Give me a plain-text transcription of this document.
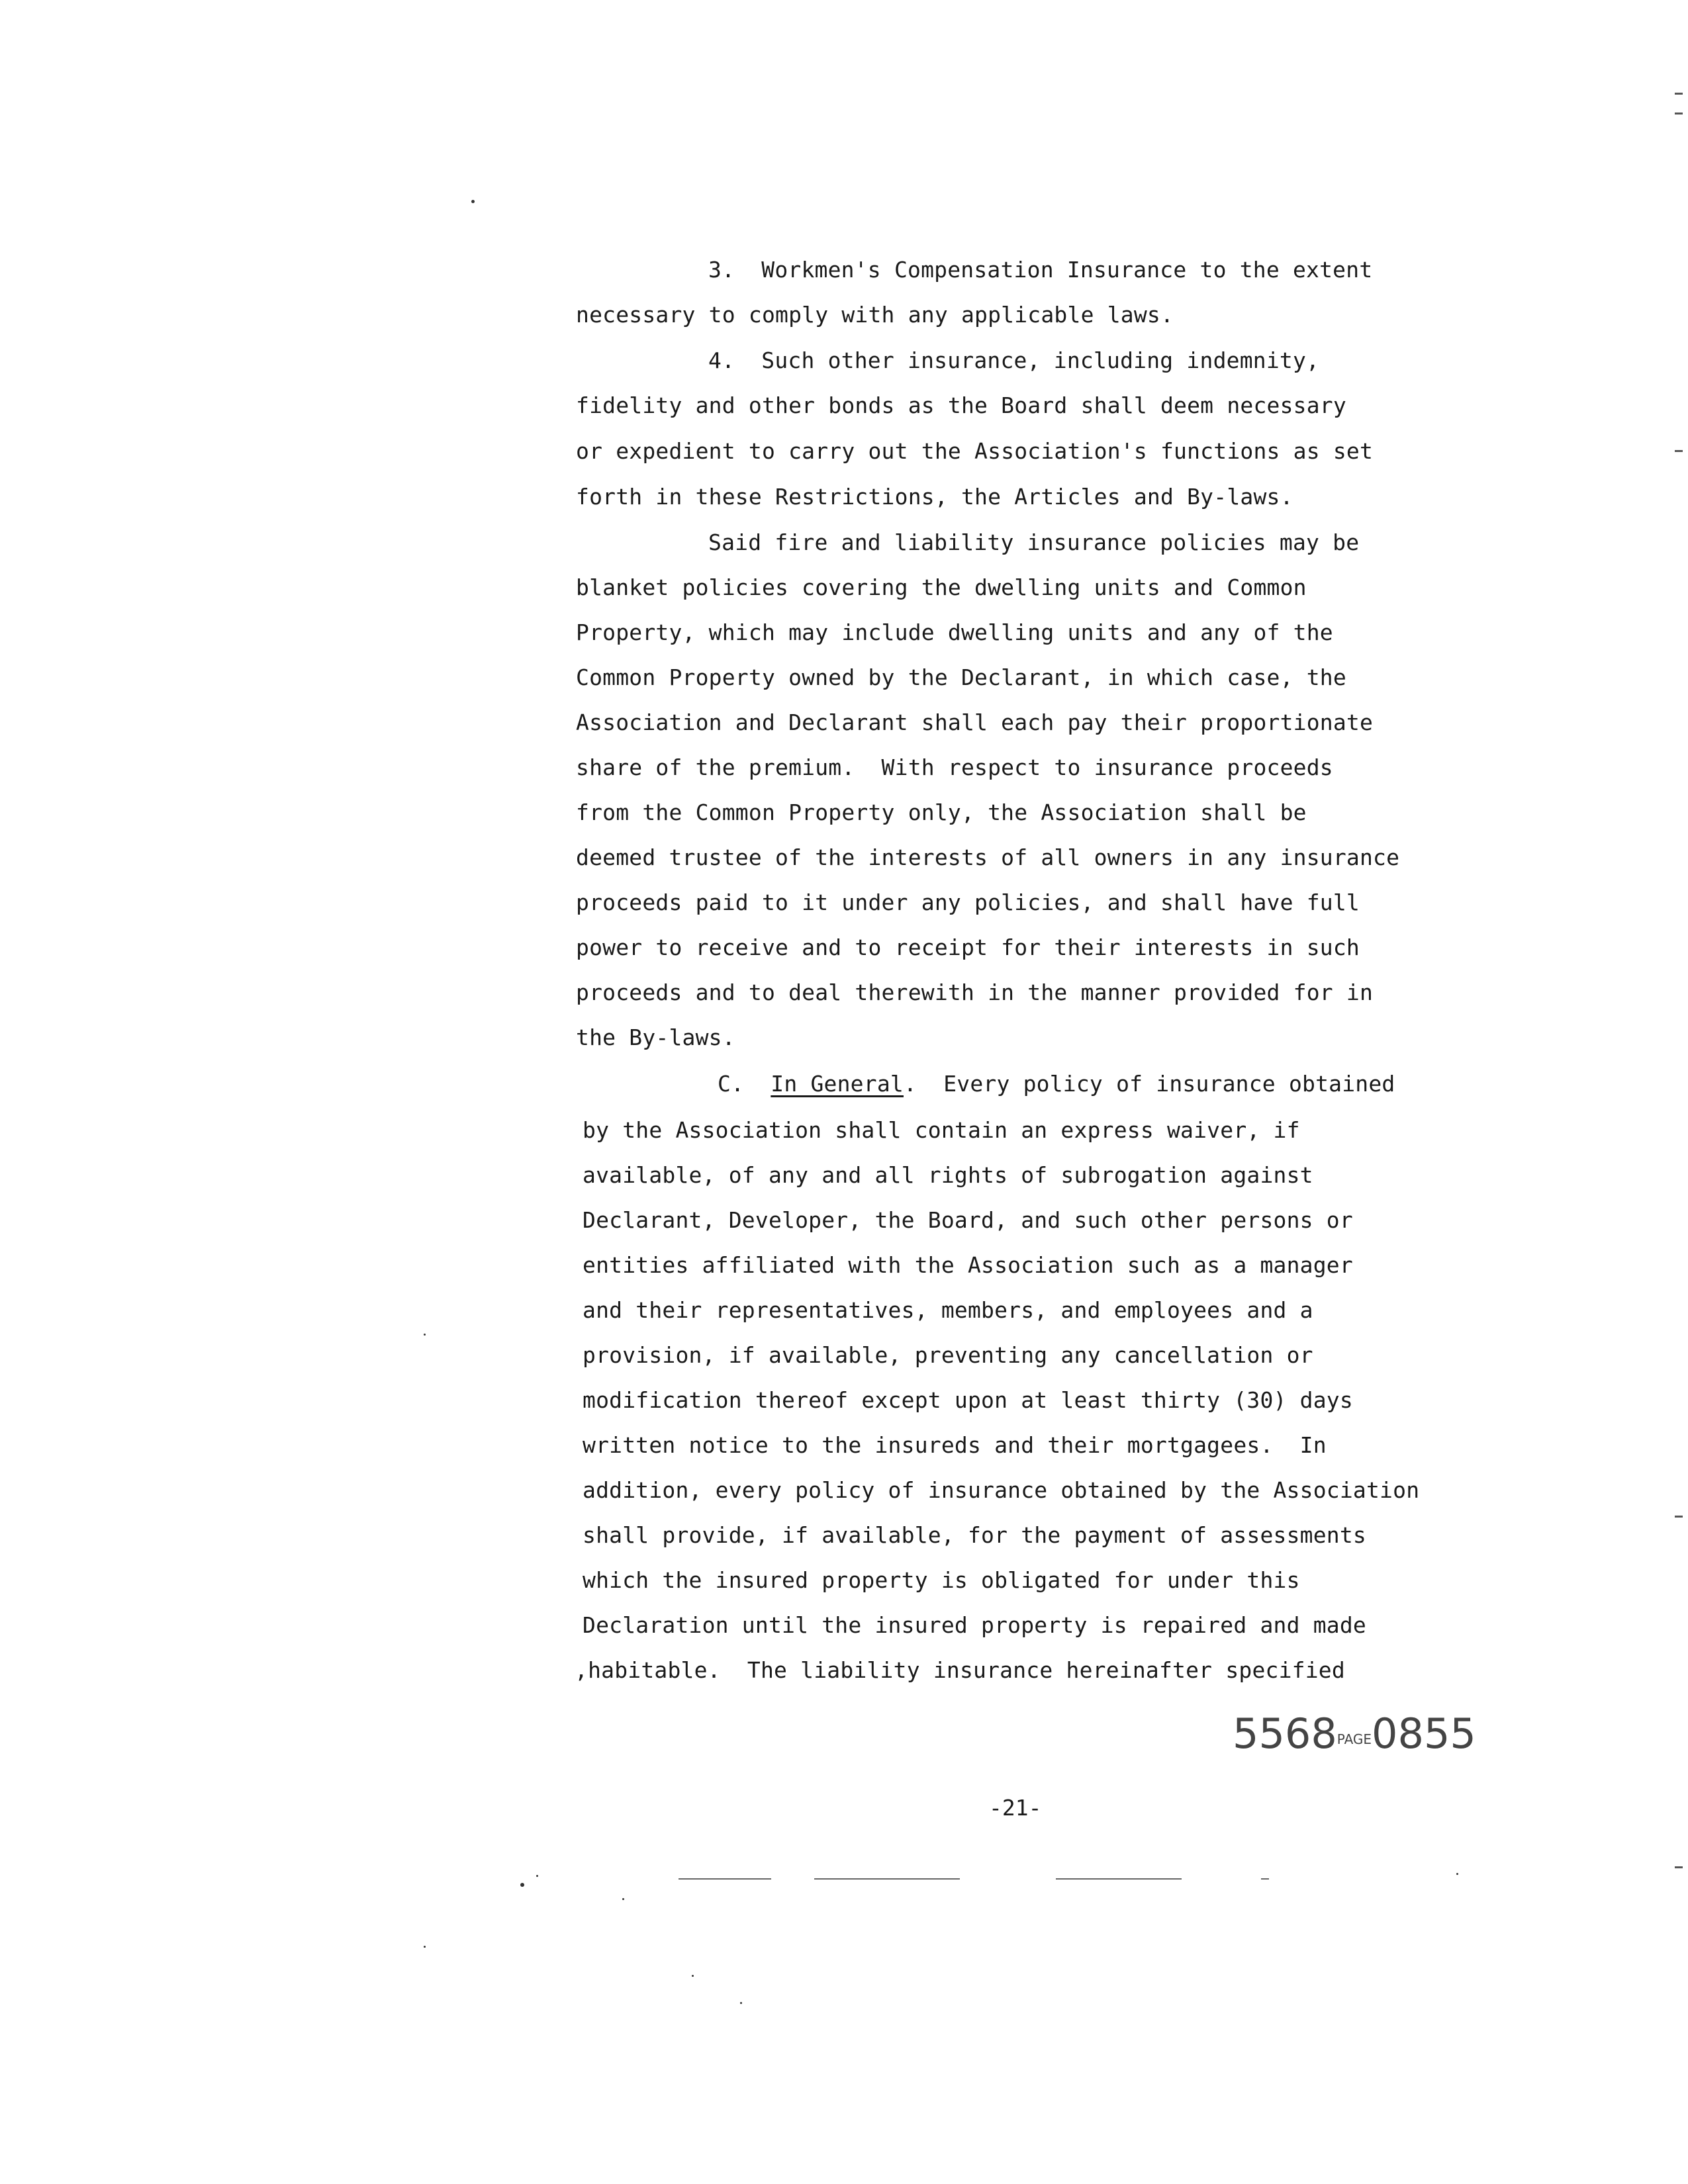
3.  Workmen's Compensation Insurance to the extent
necessary to comply with any applicable laws.
4.  Such other insurance, including indemnity,
fidelity and other bonds as the Board shall deem necessary
or expedient to carry out the Association's functions as set
forth in these Restrictions, the Articles and By-laws.
Said fire and liability insurance policies may be
blanket policies covering the dwelling units and Common
Property, which may include dwelling units and any of the
Common Property owned by the Declarant, in which case, the
Association and Declarant shall each pay their proportionate
share of the premium.  With respect to insurance proceeds
from the Common Property only, the Association shall be
deemed trustee of the interests of all owners in any insurance
proceeds paid to it under any policies, and shall have full
power to receive and to receipt for their interests in such
proceeds and to deal therewith in the manner provided for in
the By-laws.
C. In General. Every policy of insurance obtained
by the Association shall contain an express waiver, if
available, of any and all rights of subrogation against
Declarant, Developer, the Board, and such other persons or
entities affiliated with the Association such as a manager
and their representatives, members, and employees and a
provision, if available, preventing any cancellation or
modification thereof except upon at least thirty (30) days
written notice to the insureds and their mortgagees.  In
addition, every policy of insurance obtained by the Association
shall provide, if available, for the payment of assessments
which the insured property is obligated for under this
Declaration until the insured property is repaired and made
,habitable.  The liability insurance hereinafter specified
5568PAGE0855
-21-
